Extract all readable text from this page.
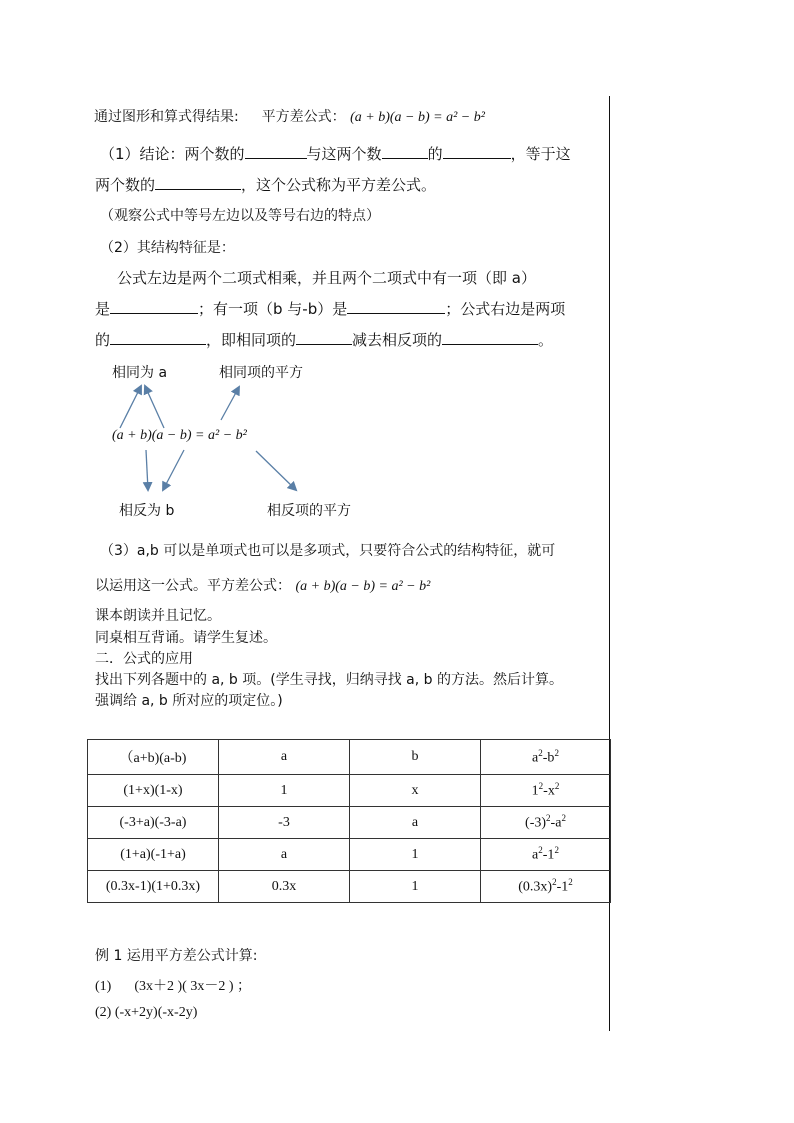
通过图形和算式得结果: 平方差公式： (a + b)(a − b) = a² − b²
（1）结论：两个数的	与这两个数	的	，等于这
两个数的	，这个公式称为平方差公式。
（观察公式中等号左边以及等号右边的特点）
（2）其结构特征是：
公式左边是两个二项式相乘，并且两个二项式中有一项（即 a）
是	；有一项（b 与-b）是	；公式右边是两项
的	，即相同项的	减去相反项的	。
相同为 a	相同项的平方
(a + b)(a − b) = a² − b²
相反为 b	相反项的平方
（3）a,b 可以是单项式也可以是多项式，只要符合公式的结构特征，就可
以运用这一公式。平方差公式： (a + b)(a − b) = a² − b²
课本朗读并且记忆。
同桌相互背诵。请学生复述。
二．公式的应用
找出下列各题中的 a, b 项。(学生寻找，归纳寻找 a, b 的方法。然后计算。
强调给 a, b 所对应的项定位。)
（a+b)(a-b)	a	b	$a^2-b^2$
(1+x)(1-x)	1	x	$1^2-x^2$
(-3+a)(-3-a)	-3	a	$(-3)^2-a^2$
(1+a)(-1+a)	a	1	$a^2-1^2$
(0.3x-1)(1+0.3x)	0.3x	1	$(0.3x)^2-1^2$
例 1 运用平方差公式计算:
(1) (3x＋2 )( 3x－2 ) ；
(2) (-x+2y)(-x-2y)
